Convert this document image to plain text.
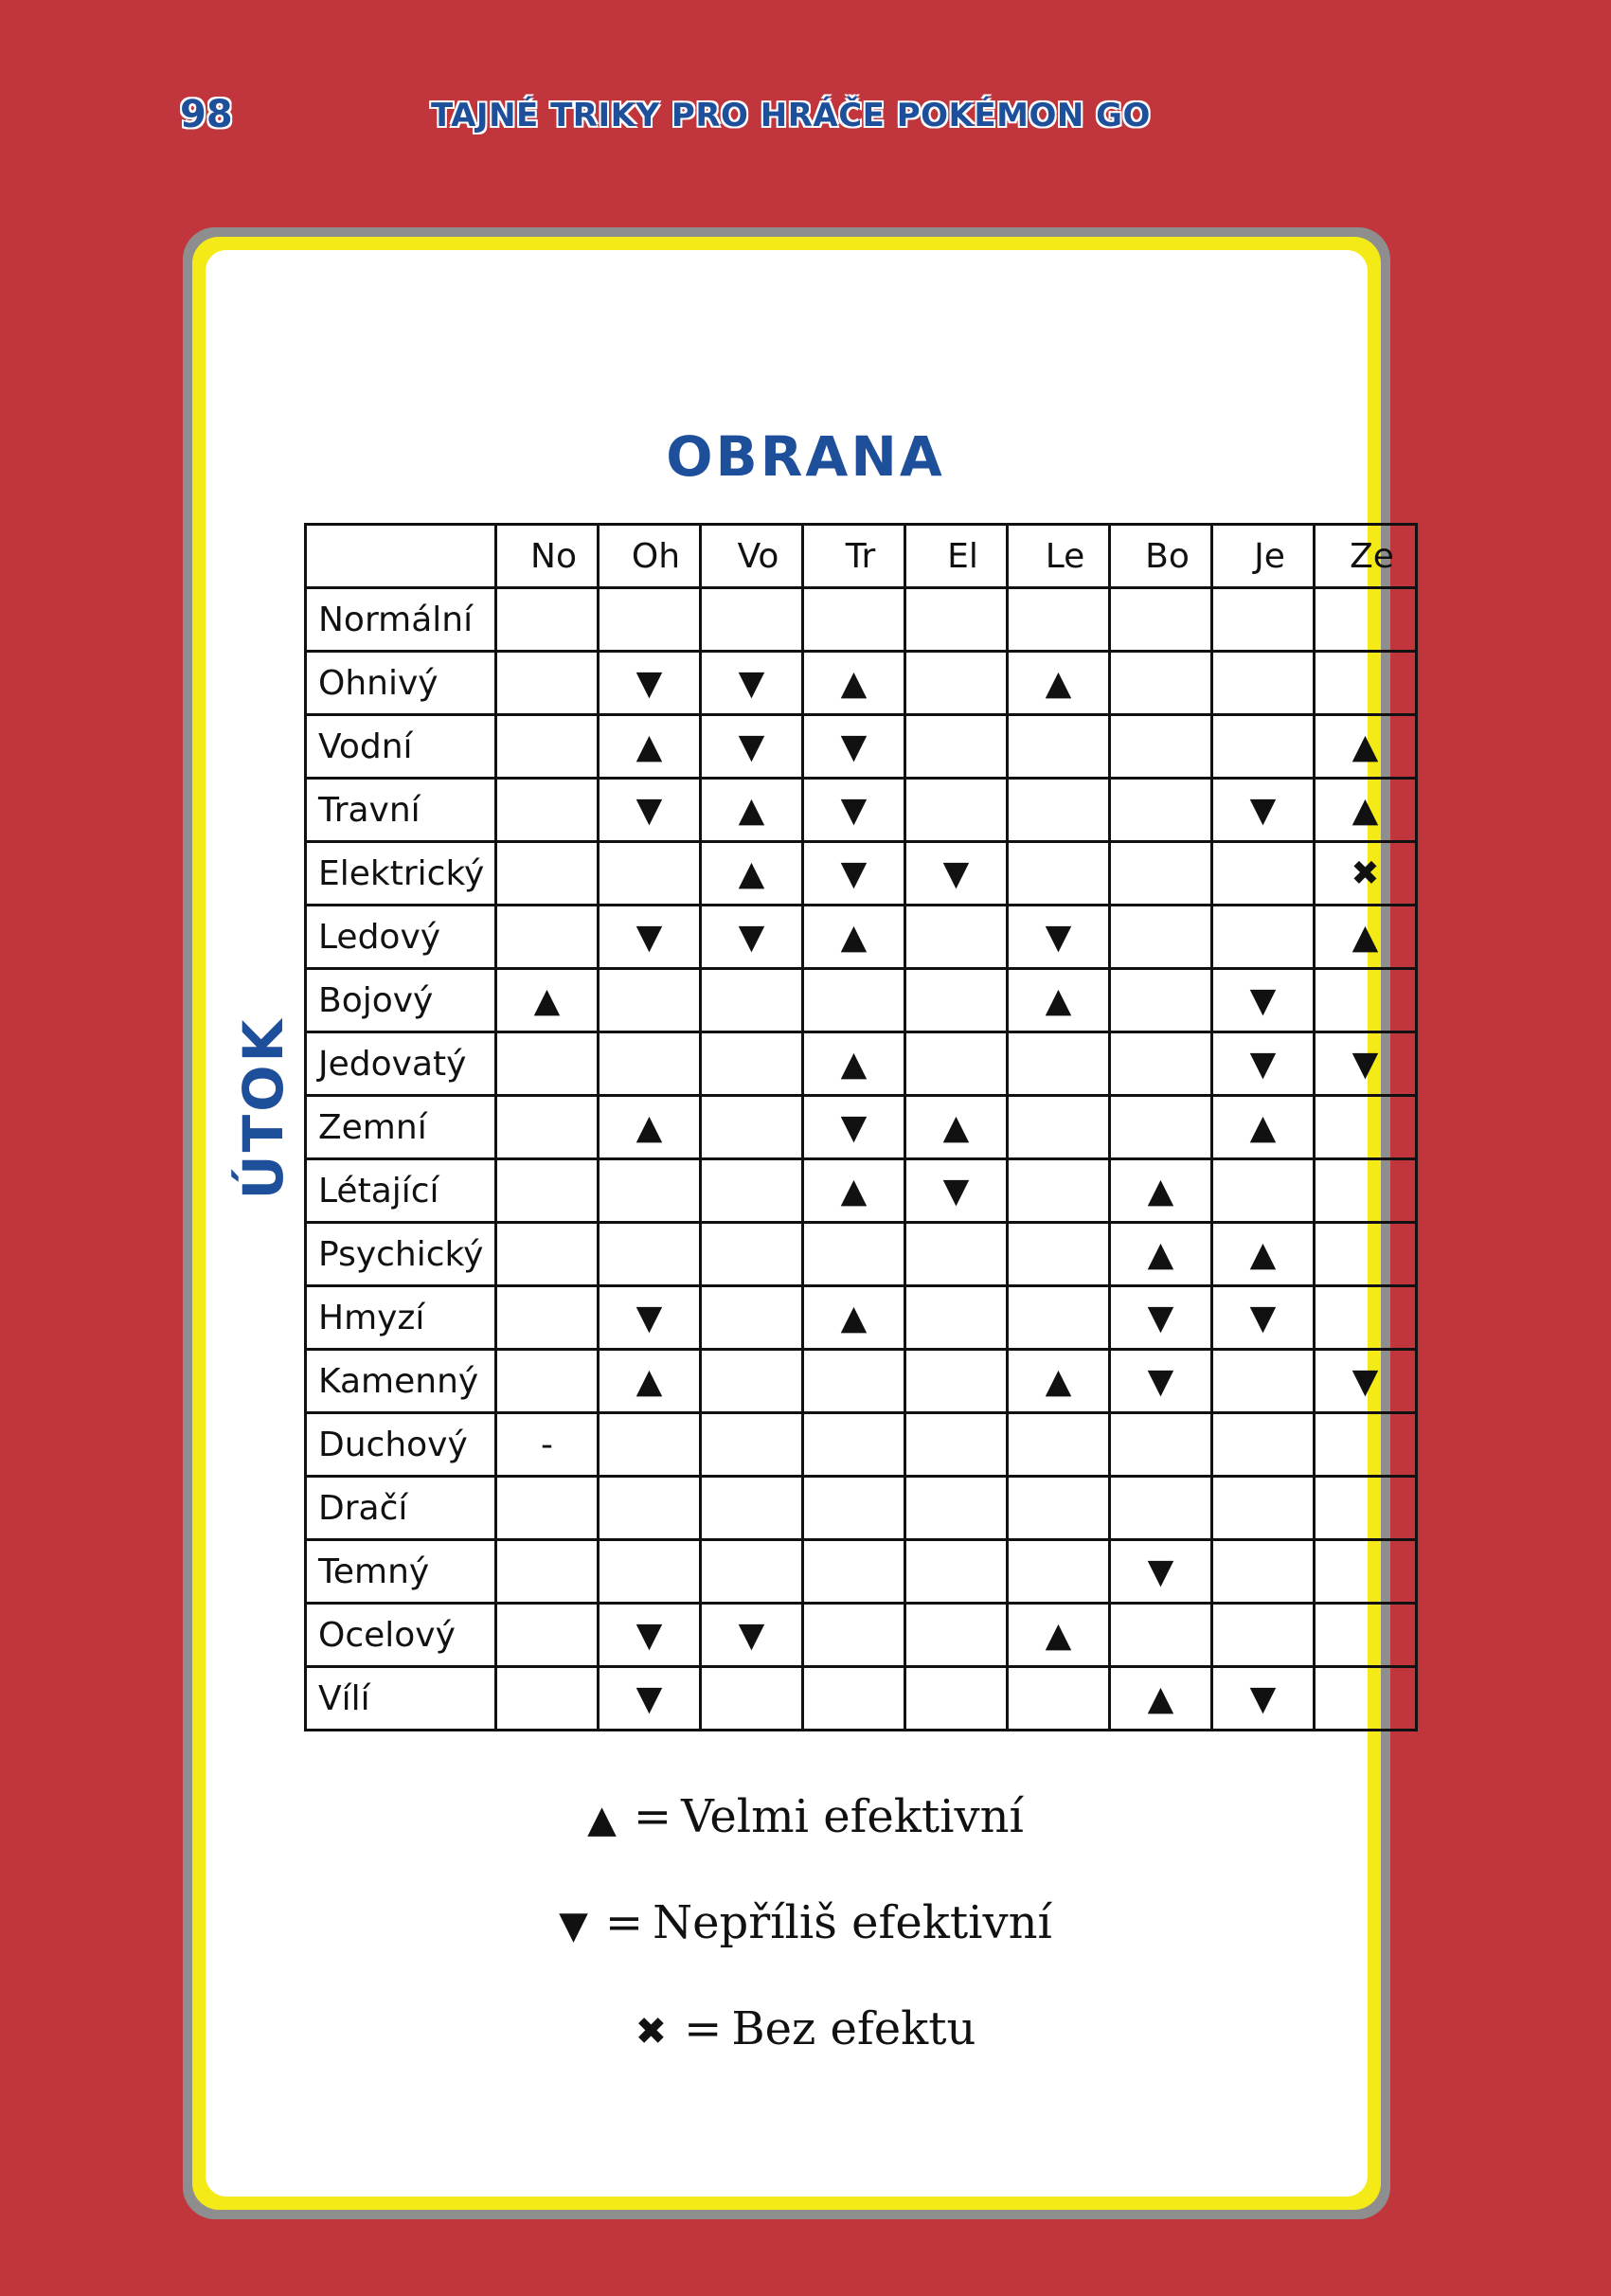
98	TAJNÉ TRIKY PRO HRÁČE POKÉMON GO
OBRANA
ÚTOK
	No	Oh	Vo	Tr	El	Le	Bo	Je	Ze
Normální									
Ohnivý		▼	▼	▲		▲			
Vodní		▲	▼	▼					▲
Travní		▼	▲	▼				▼	▲
Elektrický			▲	▼	▼				✖
Ledový		▼	▼	▲		▼			▲
Bojový	▲					▲		▼	
Jedovatý				▲				▼	▼
Zemní		▲		▼	▲			▲	
Létající				▲	▼		▲		
Psychický							▲	▲	
Hmyzí		▼		▲			▼	▼	
Kamenný		▲				▲	▼		▼
Duchový	-								
Dračí									
Temný							▼		
Ocelový		▼	▼			▲			
Vílí		▼					▲	▼	
▲ = Velmi efektivní
▼ = Nepříliš efektivní
✖ = Bez efektu
